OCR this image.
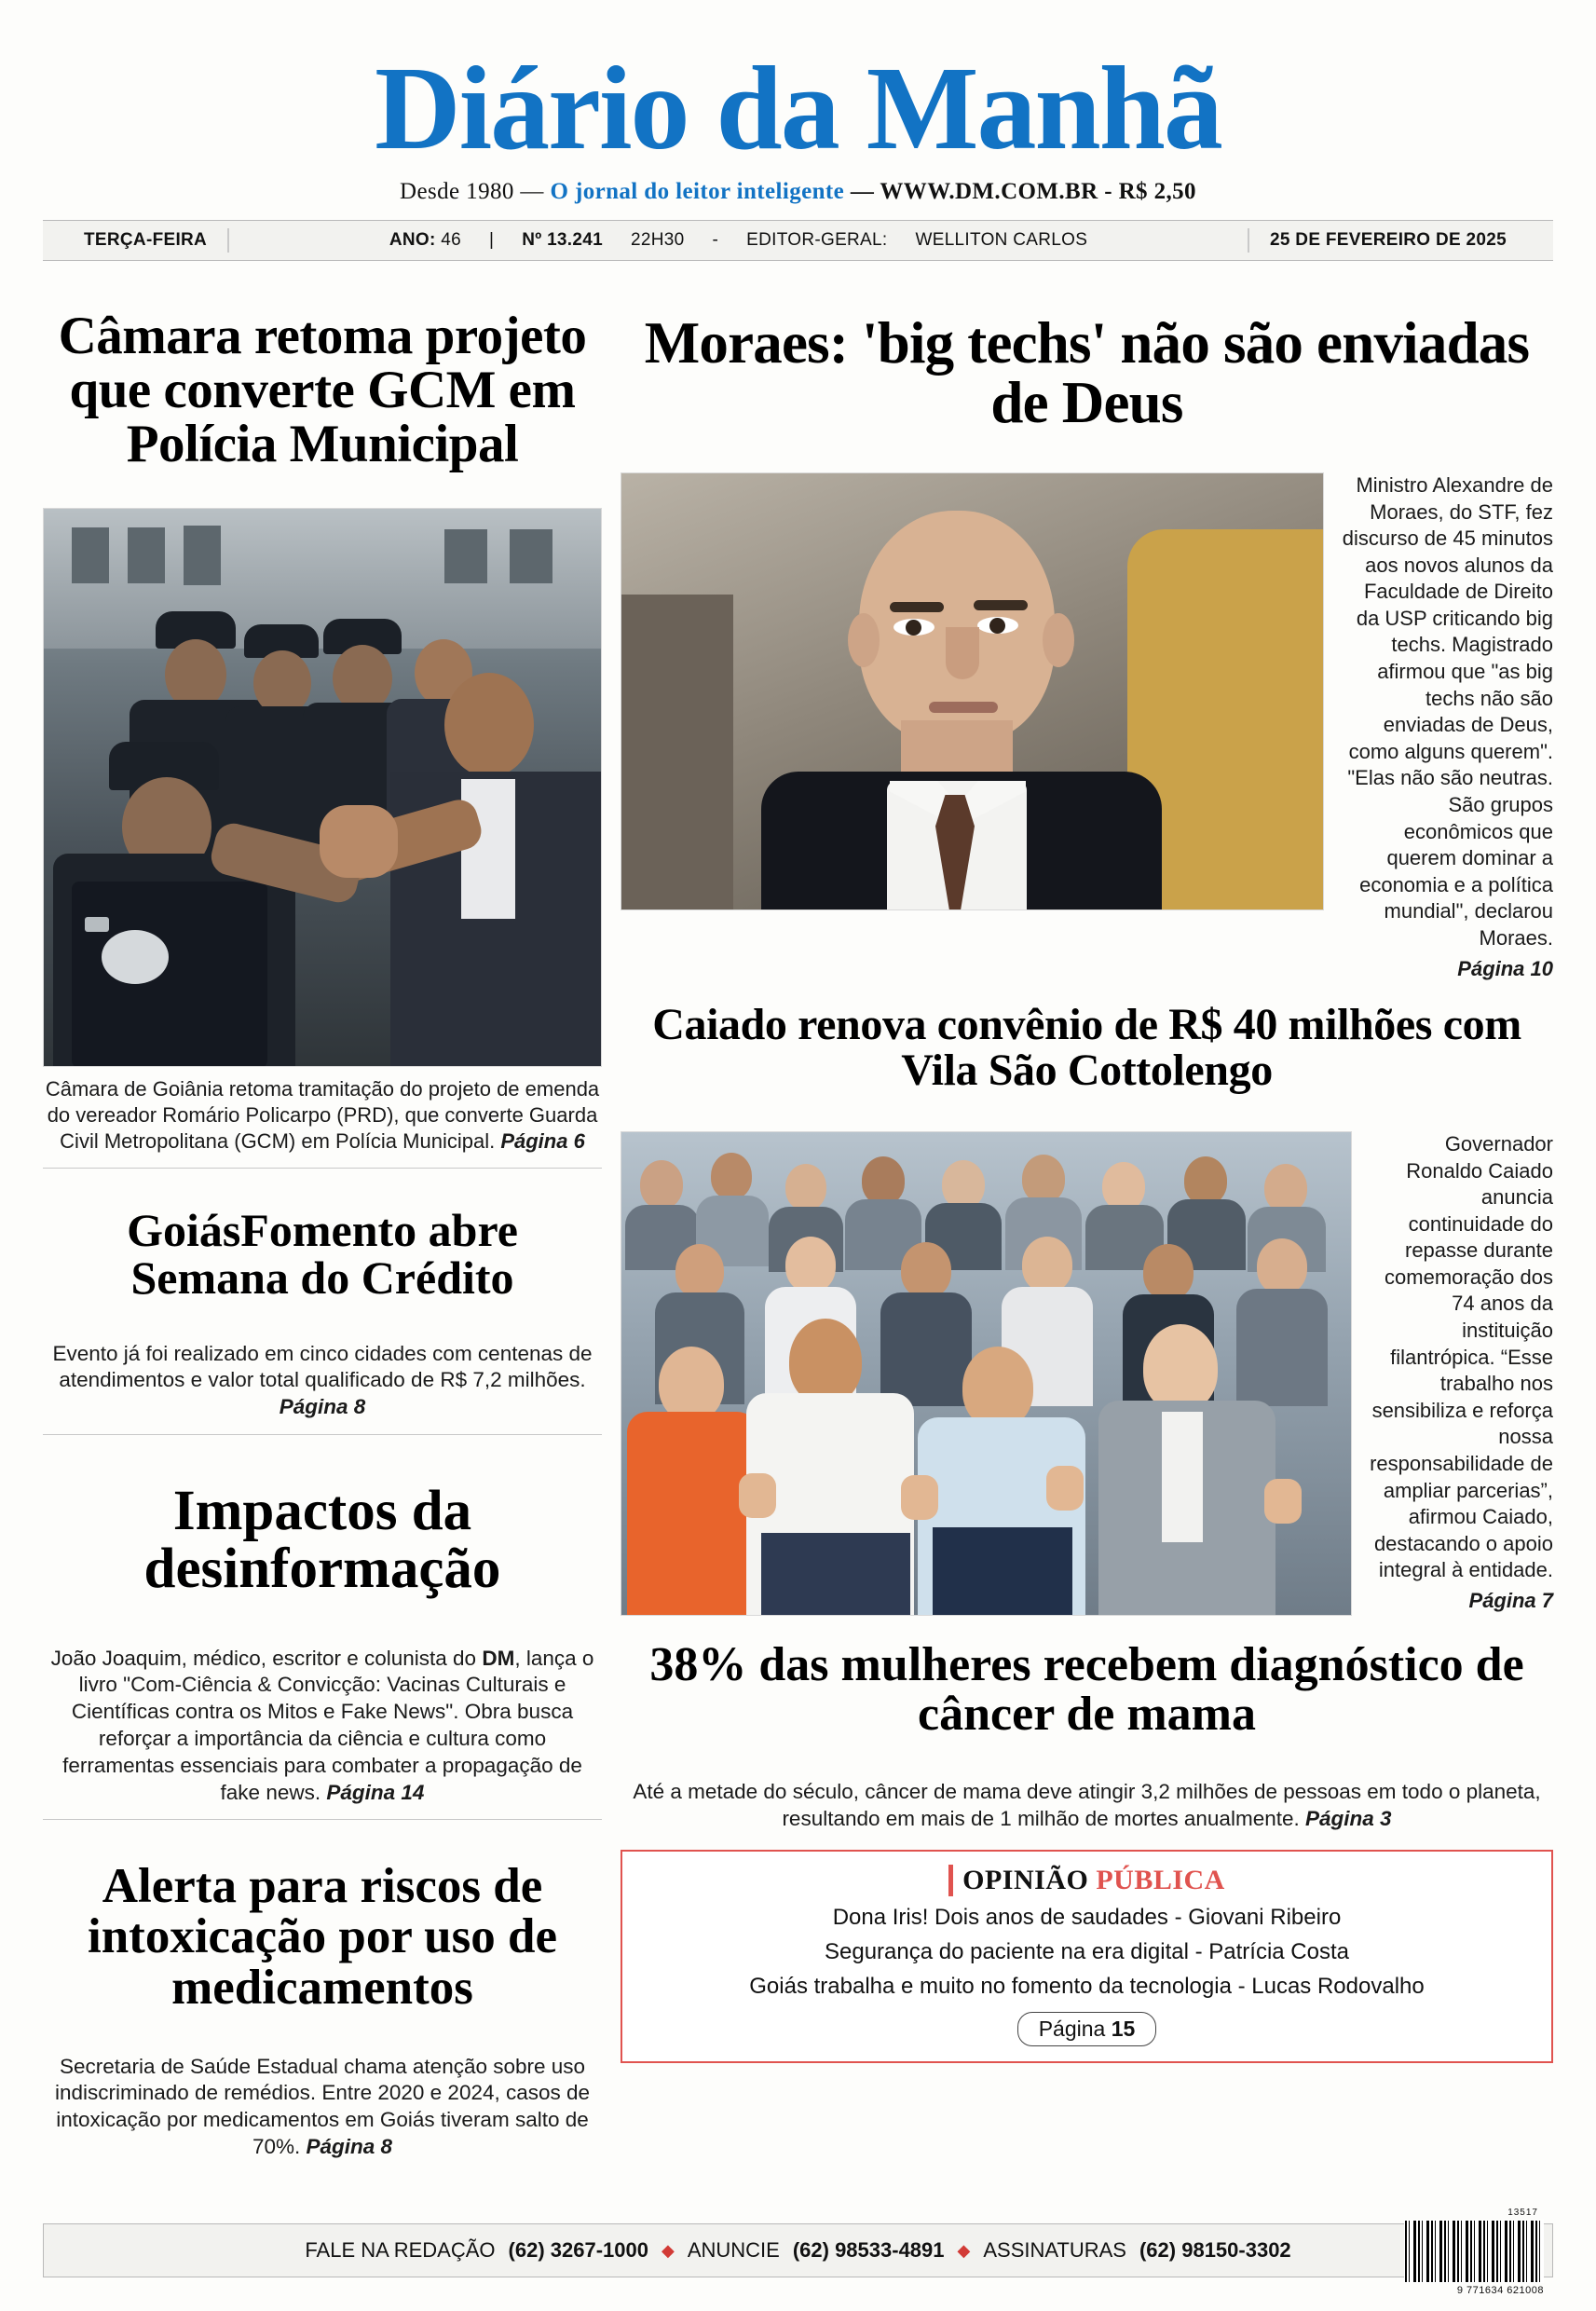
Diário da Manhã
Desde 1980 — O jornal do leitor inteligente — WWW.DM.COM.BR - R$ 2,50
TERÇA-FEIRA	ANO: 46 | Nº 13.241 22H30 - EDITOR-GERAL: WELLITON CARLOS	25 DE FEVEREIRO DE 2025
Câmara retoma projeto que converte GCM em Polícia Municipal
Câmara de Goiânia retoma tramitação do projeto de emenda do vereador Romário Policarpo (PRD), que converte Guarda Civil Metropolitana (GCM) em Polícia Municipal. Página 6
GoiásFomento abre Semana do Crédito
Evento já foi realizado em cinco cidades com centenas de atendimentos e valor total qualificado de R$ 7,2 milhões. Página 8
Impactos da desinformação
João Joaquim, médico, escritor e colunista do DM, lança o livro "Com-Ciência & Convicção: Vacinas Culturais e Científicas contra os Mitos e Fake News". Obra busca reforçar a importância da ciência e cultura como ferramentas essenciais para combater a propagação de fake news. Página 14
Alerta para riscos de intoxicação por uso de medicamentos
Secretaria de Saúde Estadual chama atenção sobre uso indiscriminado de remédios. Entre 2020 e 2024, casos de intoxicação por medicamentos em Goiás tiveram salto de 70%. Página 8
Moraes: 'big techs' não são enviadas de Deus
Ministro Alexandre de Moraes, do STF, fez discurso de 45 minutos aos novos alunos da Faculdade de Direito da USP criticando big techs. Magistrado afirmou que "as big techs não são enviadas de Deus, como alguns querem". "Elas não são neutras. São grupos econômicos que querem dominar a economia e a política mundial", declarou Moraes.
Página 10
Caiado renova convênio de R$ 40 milhões com Vila São Cottolengo
Governador Ronaldo Caiado anuncia continuidade do repasse durante comemoração dos 74 anos da instituição filantrópica. “Esse trabalho nos sensibiliza e reforça nossa responsabilidade de ampliar parcerias”, afirmou Caiado, destacando o apoio integral à entidade.
Página 7
38% das mulheres recebem diagnóstico de câncer de mama
Até a metade do século, câncer de mama deve atingir 3,2 milhões de pessoas em todo o planeta, resultando em mais de 1 milhão de mortes anualmente. Página 3
OPINIÃO PÚBLICA
Dona Iris! Dois anos de saudades - Giovani Ribeiro
Segurança do paciente na era digital - Patrícia Costa
Goiás trabalha e muito no fomento da tecnologia - Lucas Rodovalho
Página 15
FALE NA REDAÇÃO (62) 3267-1000 ◆ ANUNCIE (62) 98533-4891 ◆ ASSINATURAS (62) 98150-3302
13517
9 771634 621008
